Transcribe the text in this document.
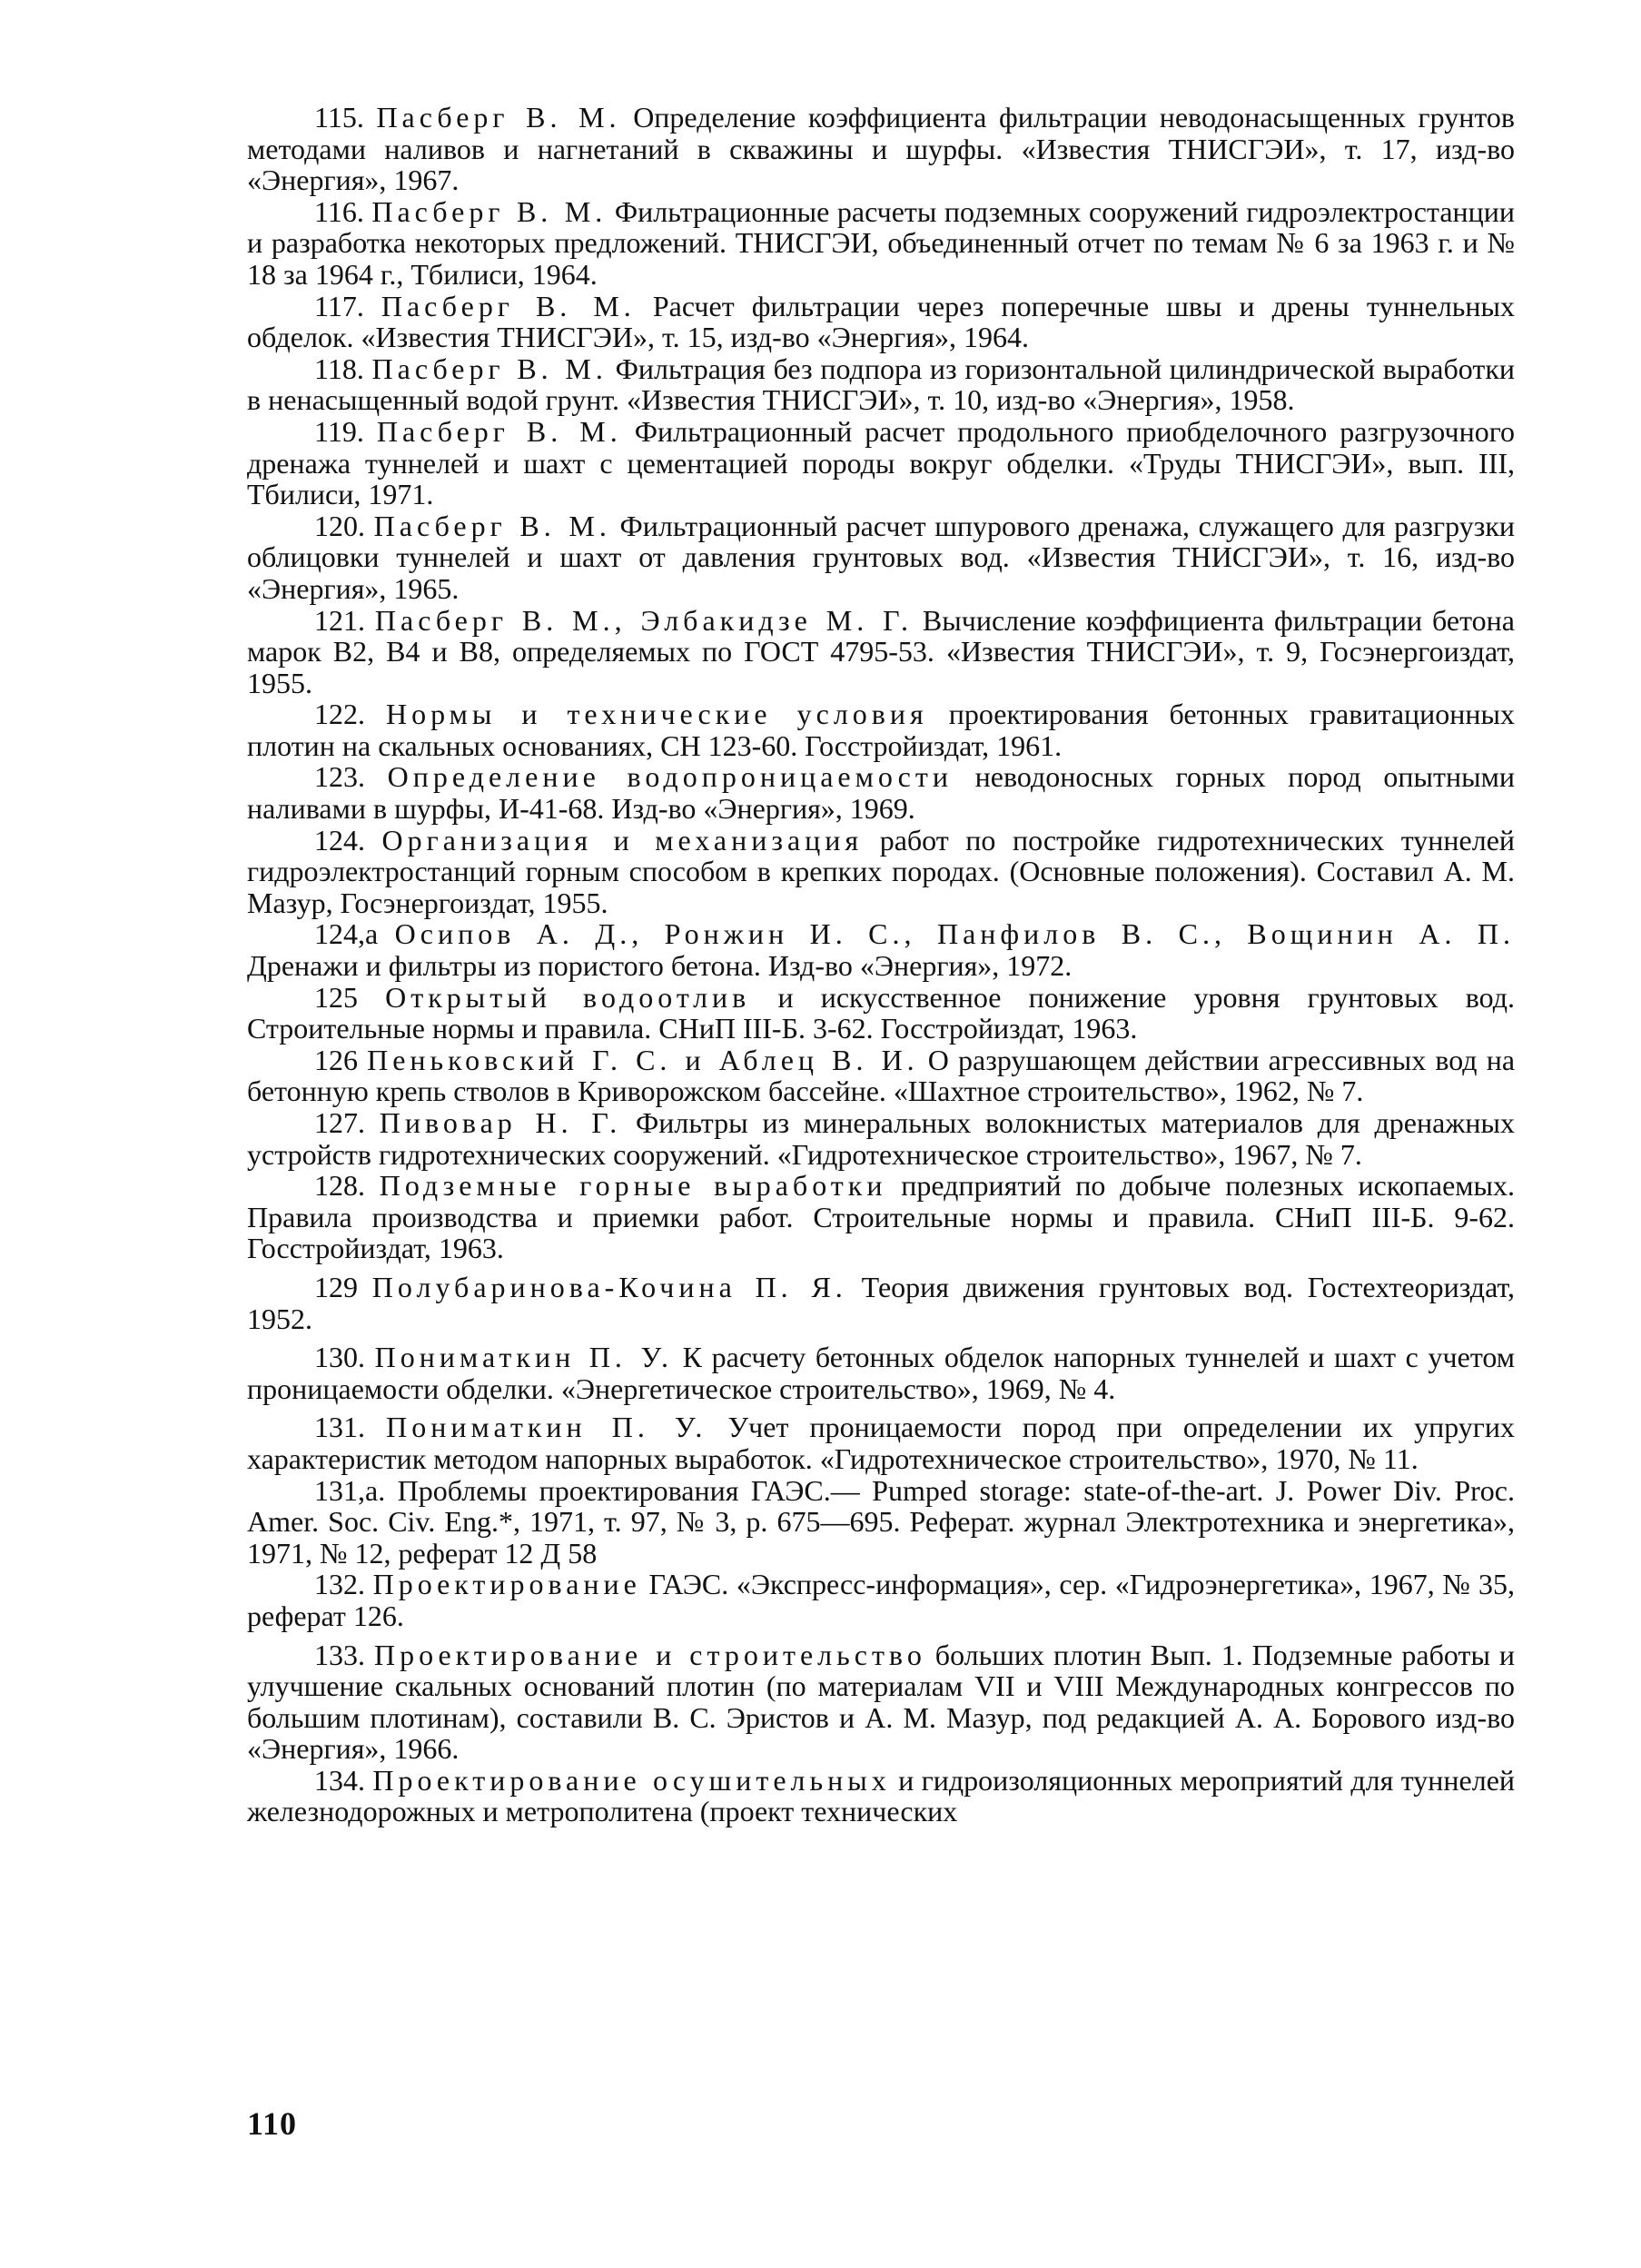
115. Пасберг В. М. Определение коэффициента фильтрации неводонасыщенных грунтов методами наливов и нагнетаний в скважины и шурфы. «Известия ТНИСГЭИ», т. 17, изд-во «Энергия», 1967.

116. Пасберг В. М. Фильтрационные расчеты подземных сооружений гидроэлектростанции и разработка некоторых предложений. ТНИСГЭИ, объединенный отчет по темам № 6 за 1963 г. и № 18 за 1964 г., Тбилиси, 1964.

117. Пасберг В. М. Расчет фильтрации через поперечные швы и дрены туннельных обделок. «Известия ТНИСГЭИ», т. 15, изд-во «Энергия», 1964.

118. Пасберг В. М. Фильтрация без подпора из горизонтальной цилиндрической выработки в ненасыщенный водой грунт. «Известия ТНИСГЭИ», т. 10, изд-во «Энергия», 1958.

119. Пасберг В. М. Фильтрационный расчет продольного приобделочного разгрузочного дренажа туннелей и шахт с цементацией породы вокруг обделки. «Труды ТНИСГЭИ», вып. III, Тбилиси, 1971.

120. Пасберг В. М. Фильтрационный расчет шпурового дренажа, служащего для разгрузки облицовки туннелей и шахт от давления грунтовых вод. «Известия ТНИСГЭИ», т. 16, изд-во «Энергия», 1965.

121. Пасберг В. М., Элбакидзе М. Г. Вычисление коэффициента фильтрации бетона марок В2, В4 и В8, определяемых по ГОСТ 4795-53. «Известия ТНИСГЭИ», т. 9, Госэнергоиздат, 1955.

122. Нормы и технические условия проектирования бетонных гравитационных плотин на скальных основаниях, СН 123-60. Госстройиздат, 1961.

123. Определение водопроницаемости неводоносных горных пород опытными наливами в шурфы, И-41-68. Изд-во «Энергия», 1969.

124. Организация и механизация работ по постройке гидротехнических туннелей гидроэлектростанций горным способом в крепких породах. (Основные положения). Составил А. М. Мазур, Госэнергоиздат, 1955.

124,а Осипов А. Д., Ронжин И. С., Панфилов В. С., Вощинин А. П. Дренажи и фильтры из пористого бетона. Изд-во «Энергия», 1972.

125 Открытый водоотлив и искусственное понижение уровня грунтовых вод. Строительные нормы и правила. СНиП III-Б. 3-62. Госстройиздат, 1963.

126 Пеньковский Г. С. и Аблец В. И. О разрушающем действии агрессивных вод на бетонную крепь стволов в Криворожском бассейне. «Шахтное строительство», 1962, № 7.

127. Пивовар Н. Г. Фильтры из минеральных волокнистых материалов для дренажных устройств гидротехнических сооружений. «Гидротехническое строительство», 1967, № 7.

128. Подземные горные выработки предприятий по добыче полезных ископаемых. Правила производства и приемки работ. Строительные нормы и правила. СНиП III-Б. 9-62. Госстройиздат, 1963.

129 Полубаринова-Кочина П. Я. Теория движения грунтовых вод. Гостехтеориздат, 1952.

130. Пониматкин П. У. К расчету бетонных обделок напорных туннелей и шахт с учетом проницаемости обделки. «Энергетическое строительство», 1969, № 4.

131. Пониматкин П. У. Учет проницаемости пород при определении их упругих характеристик методом напорных выработок. «Гидротехническое строительство», 1970, № 11.

131,а. Проблемы проектирования ГАЭС.— Pumped storage: state-of-the-art. J. Power Div. Proc. Amer. Soc. Civ. Eng.*, 1971, т. 97, № 3, р. 675—695. Реферат. журнал Электротехника и энергетика», 1971, № 12, реферат 12 Д 58

132. Проектирование ГАЭС. «Экспресс-информация», сер. «Гидроэнергетика», 1967, № 35, реферат 126.

133. Проектирование и строительство больших плотин Вып. 1. Подземные работы и улучшение скальных оснований плотин (по материалам VII и VIII Международных конгрессов по большим плотинам), составили В. С. Эристов и А. М. Мазур, под редакцией А. А. Борового изд-во «Энергия», 1966.

134. Проектирование осушительных и гидроизоляционных мероприятий для туннелей железнодорожных и метрополитена (проект технических

110
